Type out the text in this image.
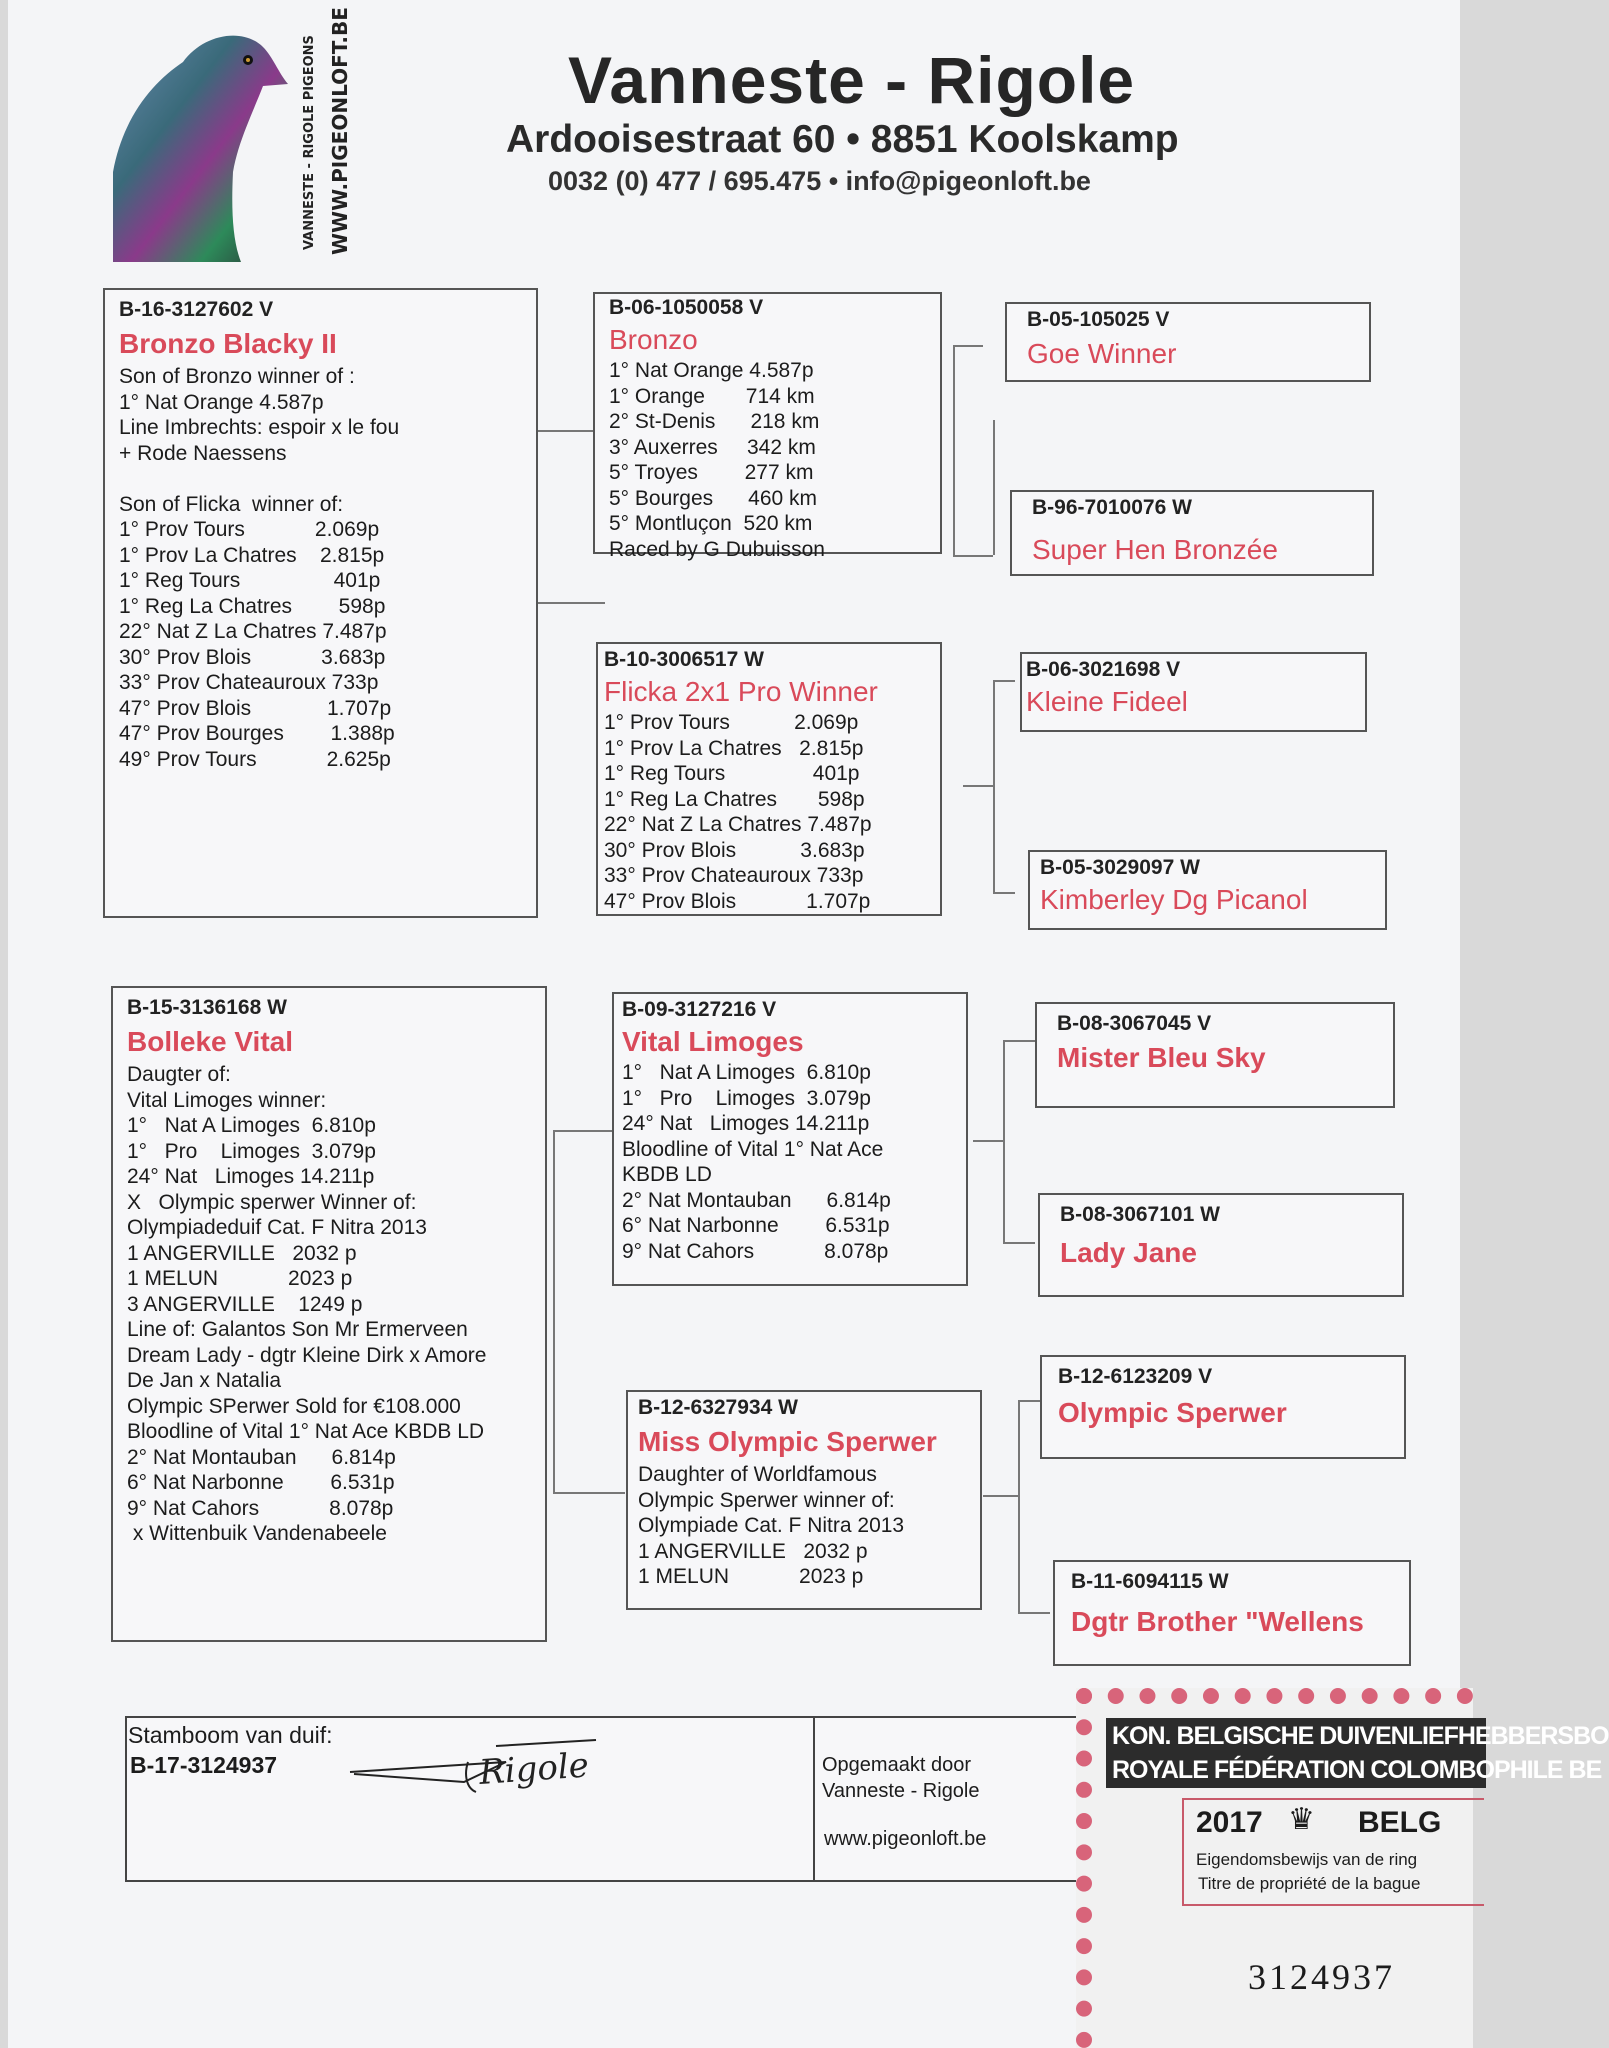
VANNESTE - RIGOLE PIGEONS WWW.PIGEONLOFT.BE	Vanneste - Rigole
Ardooisestraat 60 • 8851 Koolskamp
0032 (0) 477 / 695.475 • info@pigeonloft.be

B-16-3127602 V

Bronzo Blacky II

Son of Bronzo winner of :

1° Nat Orange 4.587p

Line Imbrechts: espoir x le fou

+ Rode Naessens

Son of Flicka  winner of:

1° Prov Tours            2.069p

1° Prov La Chatres    2.815p

1° Reg Tours                401p

1° Reg La Chatres        598p

22° Nat Z La Chatres 7.487p

30° Prov Blois            3.683p

33° Prov Chateauroux 733p

47° Prov Blois             1.707p

47° Prov Bourges        1.388p

49° Prov Tours            2.625p

B-06-1050058 V

Bronzo

1° Nat Orange 4.587p

1° Orange       714 km

2° St-Denis      218 km

3° Auxerres     342 km

5° Troyes        277 km

5° Bourges      460 km

5° Montluçon  520 km

Raced by G Dubuisson

B-10-3006517 W

Flicka 2x1 Pro Winner

1° Prov Tours           2.069p

1° Prov La Chatres   2.815p

1° Reg Tours               401p

1° Reg La Chatres       598p

22° Nat Z La Chatres 7.487p

30° Prov Blois           3.683p

33° Prov Chateauroux 733p

47° Prov Blois            1.707p

B-05-105025 V

Goe Winner

B-96-7010076 W

Super Hen Bronzée

B-06-3021698 V

Kleine Fideel

B-05-3029097 W

Kimberley Dg Picanol

B-15-3136168 W

Bolleke Vital

Daugter of:

Vital Limoges winner:

1°   Nat A Limoges  6.810p

1°   Pro    Limoges  3.079p

24° Nat   Limoges 14.211p

X   Olympic sperwer Winner of:

Olympiadeduif Cat. F Nitra 2013

1 ANGERVILLE   2032 p

1 MELUN            2023 p

3 ANGERVILLE    1249 p

Line of: Galantos Son Mr Ermerveen

Dream Lady - dgtr Kleine Dirk x Amore

De Jan x Natalia

Olympic SPerwer Sold for €108.000

Bloodline of Vital 1° Nat Ace KBDB LD

2° Nat Montauban      6.814p

6° Nat Narbonne        6.531p

9° Nat Cahors            8.078p

x Wittenbuik Vandenabeele

B-09-3127216 V

Vital Limoges

1°   Nat A Limoges  6.810p

1°   Pro    Limoges  3.079p

24° Nat   Limoges 14.211p

Bloodline of Vital 1° Nat Ace

KBDB LD

2° Nat Montauban      6.814p

6° Nat Narbonne        6.531p

9° Nat Cahors            8.078p

B-12-6327934 W

Miss Olympic Sperwer

Daughter of Worldfamous

Olympic Sperwer winner of:

Olympiade Cat. F Nitra 2013

1 ANGERVILLE   2032 p

1 MELUN            2023 p

B-08-3067045 V

Mister Bleu Sky

B-08-3067101 W

Lady Jane

B-12-6123209 V

Olympic Sperwer

B-11-6094115 W

Dgtr Brother "Wellens

Stamboom van duif:
B-17-3124937	Rigole	Opgemaakt door
Vanneste - Rigole
www.pigeonloft.be
KON. BELGISCHE DUIVENLIEFHEBBERSBO
ROYALE FÉDÉRATION COLOMBOPHILE BE
2017 ♛ BELG
Eigendomsbewijs van de ring
Titre de propriété de la bague
3124937
